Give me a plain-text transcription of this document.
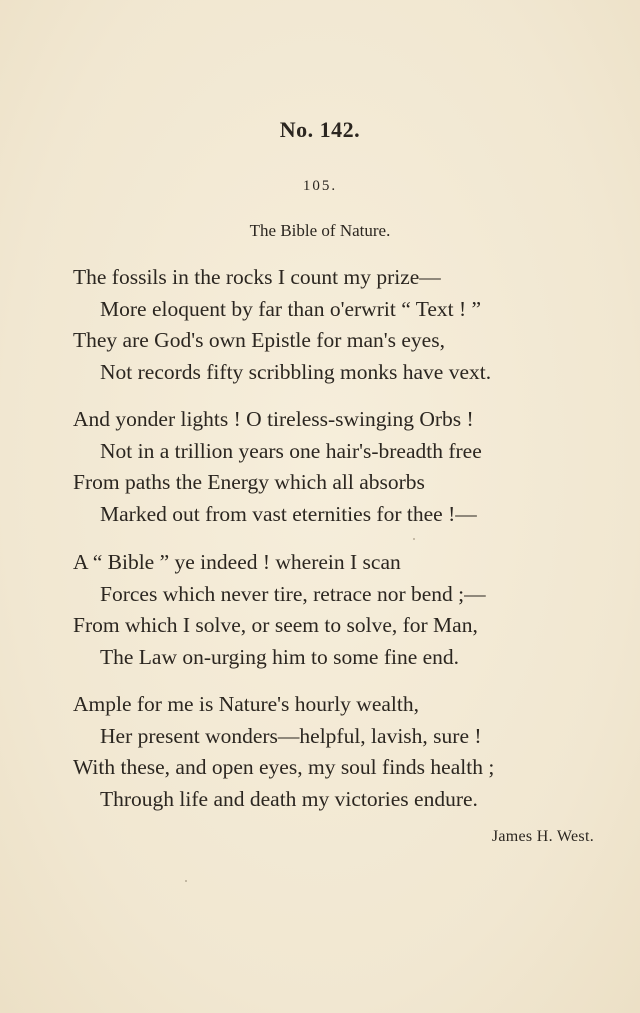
No. 142.
105.
The Bible of Nature.
The fossils in the rocks I count my prize—
More eloquent by far than o'erwrit “ Text ! ”
They are God's own Epistle for man's eyes,
Not records fifty scribbling monks have vext.
And yonder lights ! O tireless-swinging Orbs !
Not in a trillion years one hair's-breadth free
From paths the Energy which all absorbs
Marked out from vast eternities for thee !—
A “ Bible ” ye indeed ! wherein I scan
Forces which never tire, retrace nor bend ;—
From which I solve, or seem to solve, for Man,
The Law on-urging him to some fine end.
Ample for me is Nature's hourly wealth,
Her present wonders—helpful, lavish, sure !
With these, and open eyes, my soul finds health ;
Through life and death my victories endure.
James H. West.
